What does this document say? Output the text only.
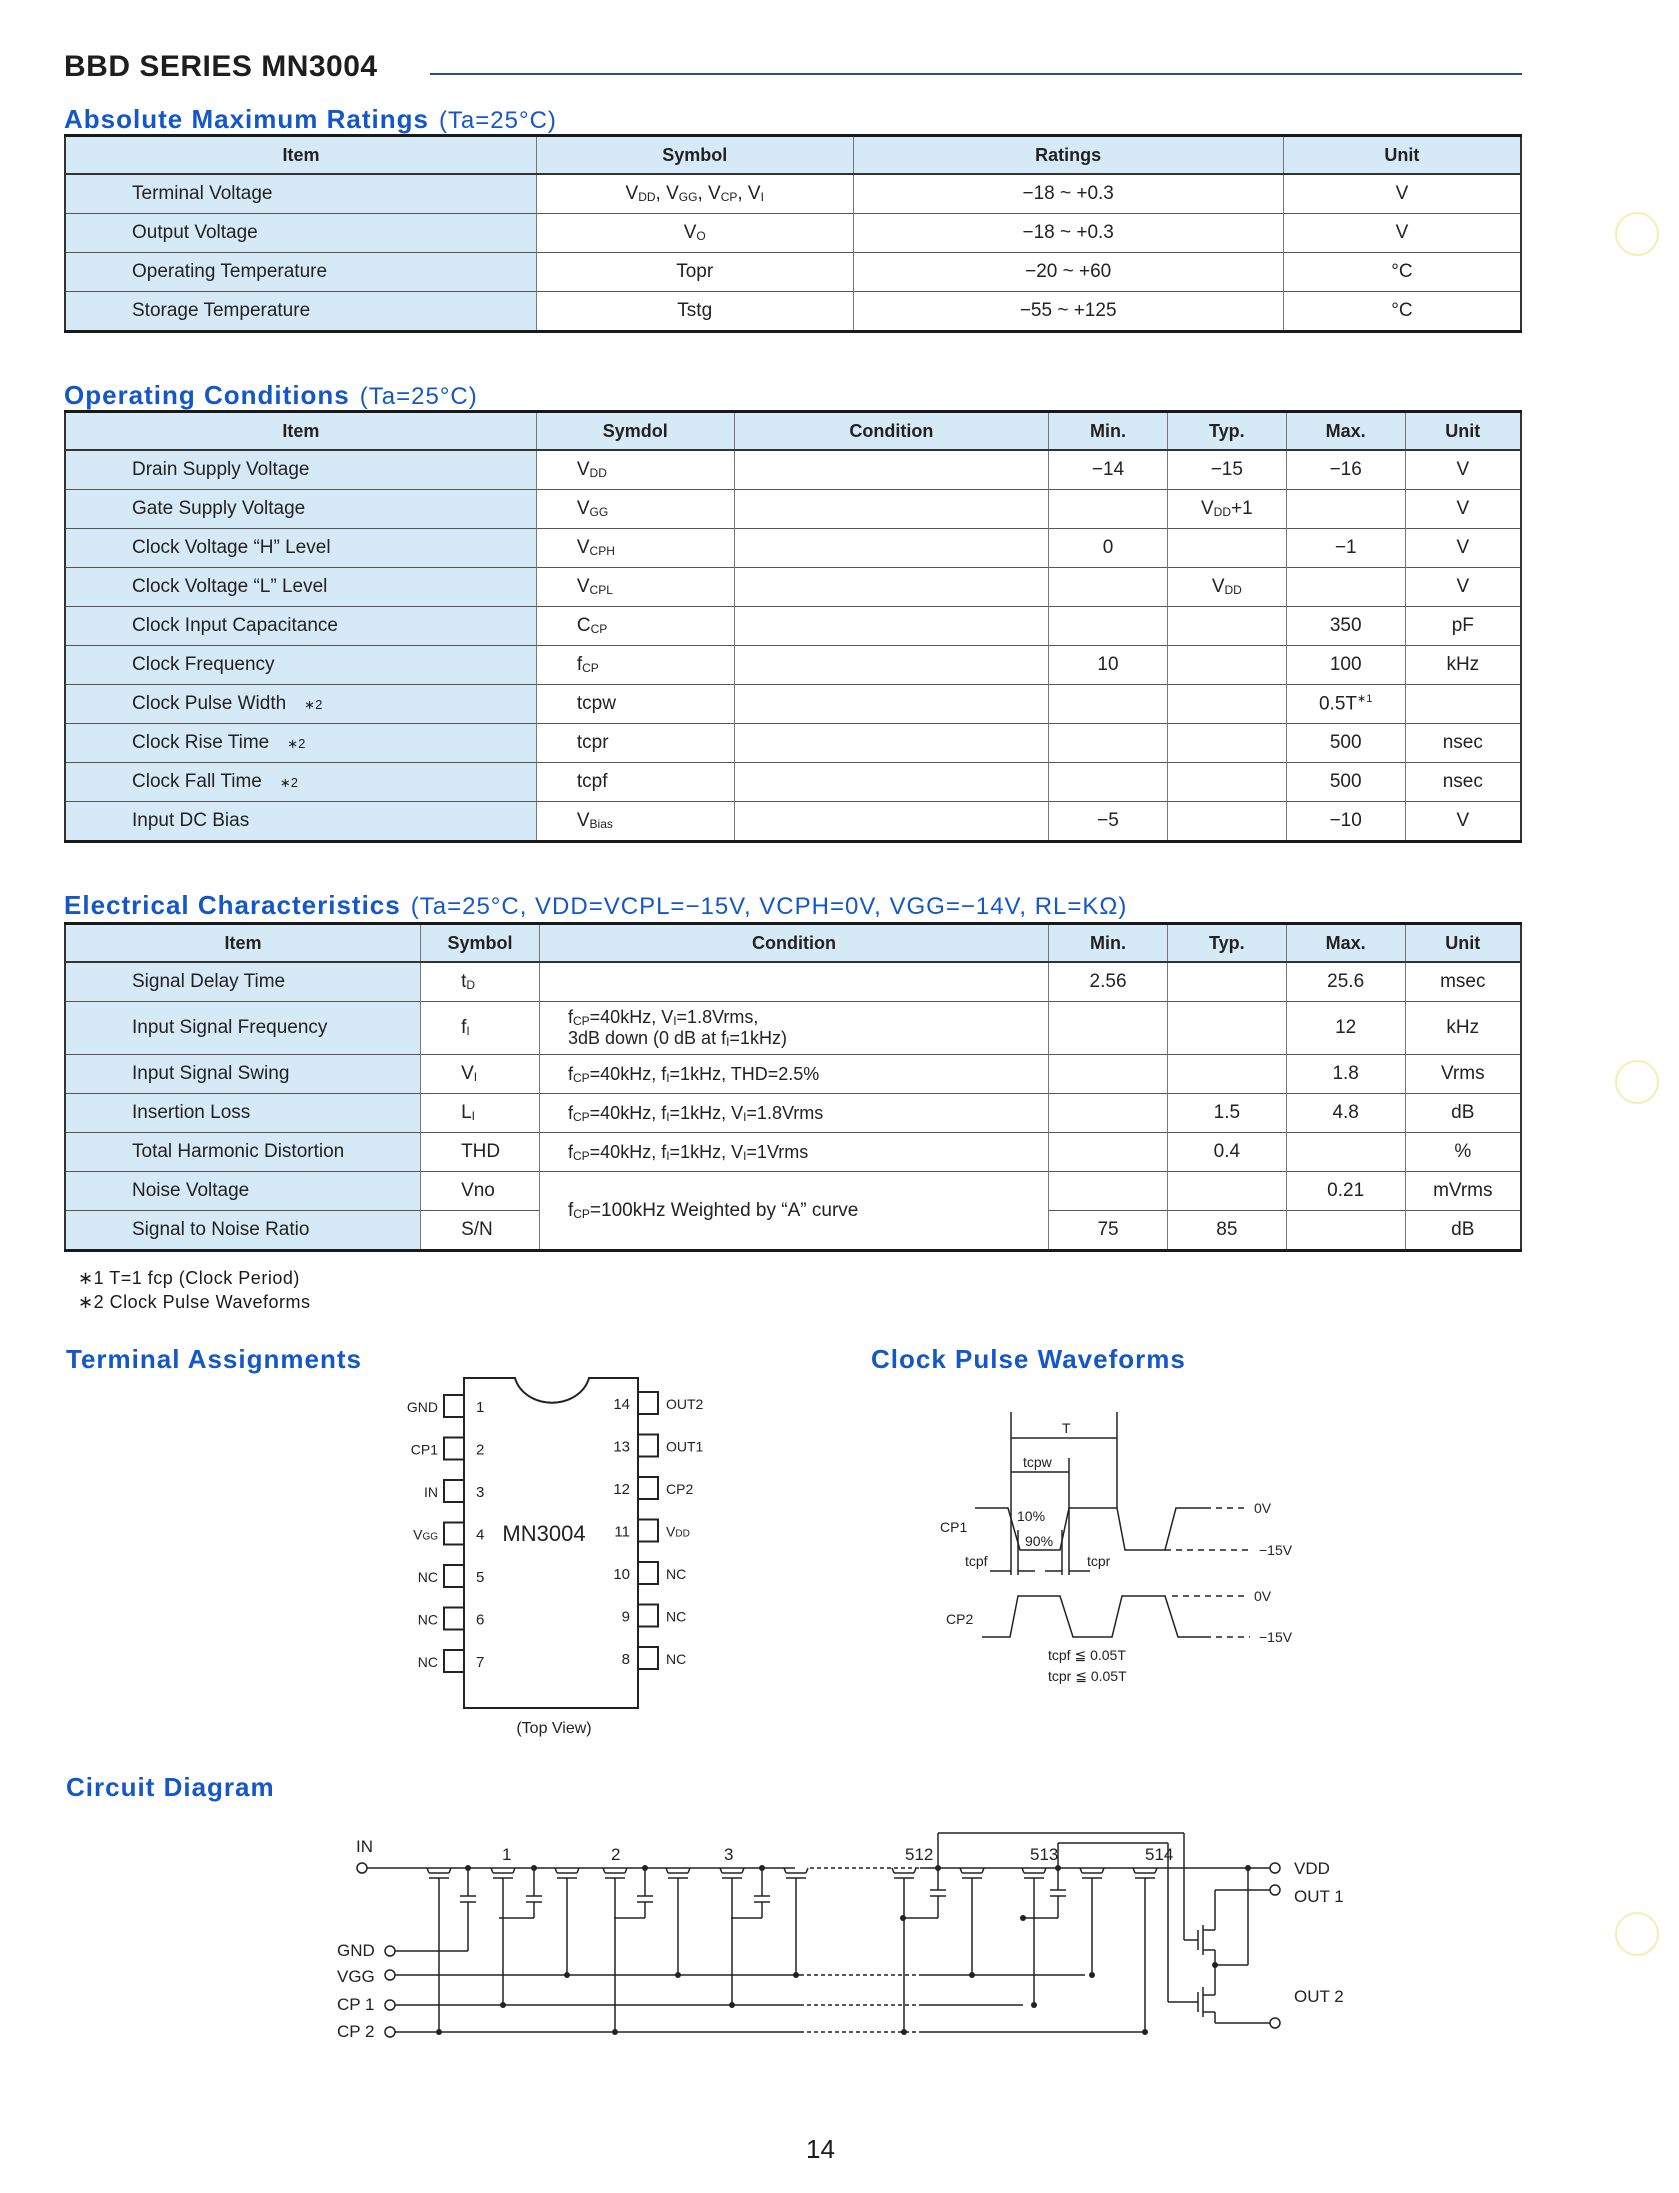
BBD SERIES MN3004
Absolute Maximum Ratings (Ta=25°C)
Item	Symbol	Ratings	Unit
Terminal Voltage	$V_{DD}$, $V_{GG}$, $V_{CP}$, $V_I$	−18 ~ +0.3	V
Output Voltage	$V_O$	−18 ~ +0.3	V
Operating Temperature	Topr	−20 ~ +60	°C
Storage Temperature	Tstg	−55 ~ +125	°C
Operating Conditions (Ta=25°C)
Item	Symdol	Condition	Min.	Typ.	Max.	Unit
Drain Supply Voltage	$V_{DD}$		−14	−15	−16	V
Gate Supply Voltage	$V_{GG}$			$V_{DD}+1$		V
Clock Voltage “H” Level	$V_{CPH}$		0		−1	V
Clock Voltage “L” Level	$V_{CPL}$			$V_{DD}$		V
Clock Input Capacitance	$C_{CP}$				350	pF
Clock Frequency	$f_{CP}$		10		100	kHz
Clock Pulse Width ∗2	tcpw				$0.5T^{∗1}$	
Clock Rise Time ∗2	tcpr				500	nsec
Clock Fall Time ∗2	tcpf				500	nsec
Input DC Bias	$V_{Bias}$		−5		−10	V
Electrical Characteristics (Ta=25°C, VDD=VCPL=−15V, VCPH=0V, VGG=−14V, RL=KΩ)
Item	Symbol	Condition	Min.	Typ.	Max.	Unit
Signal Delay Time	$t_D$		2.56		25.6	msec
Input Signal Frequency	$f_I$	$f_{CP}=40kHz$, $V_I=1.8Vrms$,
3dB down (0 dB at $f_I=1kHz$)			12	kHz
Input Signal Swing	$V_I$	$f_{CP}=40kHz$, $f_I=1kHz$, THD=2.5%			1.8	Vrms
Insertion Loss	$L_I$	$f_{CP}=40kHz$, $f_I=1kHz$, $V_I=1.8Vrms$		1.5	4.8	dB
Total Harmonic Distortion	THD	$f_{CP}=40kHz$, $f_I=1kHz$, $V_I=1Vrms$		0.4		%
Noise Voltage	Vno	$f_{CP}=100kHz$ Weighted by “A” curve			0.21	mVrms
Signal to Noise Ratio	S/N		75	85		dB
∗1 T=1 fcp (Clock Period)
∗2 Clock Pulse Waveforms
Terminal Assignments
MN3004
(Top View)
1
GND
2
CP1
3
IN
4
VGG
5
NC
6
NC
7
NC
14	OUT2
13	OUT1
12	CP2
11	VDD
10	NC
9	NC
8	NC
Clock Pulse Waveforms
T
tcpw
CP1
CP2
10%
90%
tcpf	tcpr
0V
−15V
0V
−15V
tcpf ≦ 0.05T
tcpr ≦ 0.05T
Circuit Diagram
IN
GND
VGG
CP 1
CP 2
1	2	3	512	513	514
VDD
OUT 1
OUT 2
14
